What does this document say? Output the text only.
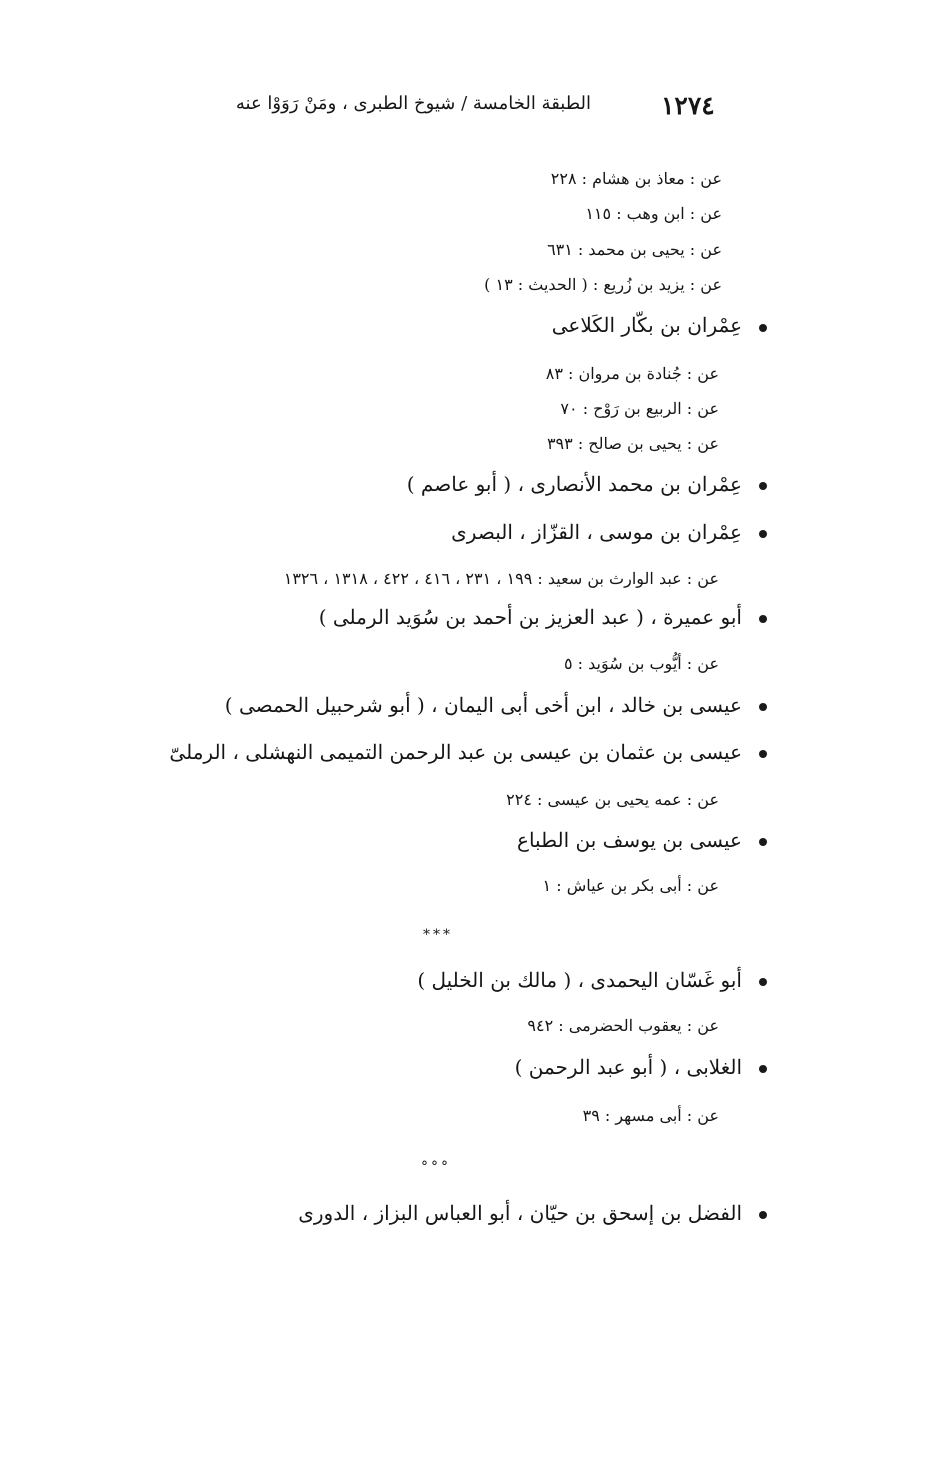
١٢٧٤
الطبقة الخامسة / شيوخ الطبرى ، ومَنْ رَوَوْا عنه
عن : معاذ بن هشام : ٢٢٨
عن : ابن وهب : ١١٥
عن : يحيى بن محمد : ٦٣١
عن : يزيد بن زُريع : ( الحديث : ١٣ )
عِمْران بن بكّار الكَلاعى
عن : جُنادة بن مروان : ٨٣
عن : الربيع بن رَوْح : ٧٠
عن : يحيى بن صالح : ٣٩٣
عِمْران بن محمد الأنصارى ، ( أبو عاصم )
عِمْران بن موسى ، القزّاز ، البصرى
عن : عبد الوارث بن سعيد : ١٩٩ ، ٢٣١ ، ٤١٦ ، ٤٢٢ ، ١٣١٨ ، ١٣٢٦
أبو عميرة ، ( عبد العزيز بن أحمد بن سُوَيد الرملى )
عن : أيُّوب بن سُوَيد : ٥
عيسى بن خالد ، ابن أخى أبى اليمان ، ( أبو شرحبيل الحمصى )
عيسى بن عثمان بن عيسى بن عبد الرحمن التميمى النهشلى ، الرملىّ
عن : عمه يحيى بن عيسى : ٢٢٤
عيسى بن يوسف بن الطباع
عن : أبى بكر بن عياش : ١
***
أبو غَسّان اليحمدى ، ( مالك بن الخليل )
عن : يعقوب الحضرمى : ٩٤٢
الغلابى ، ( أبو عبد الرحمن )
عن : أبى مسهر : ٣٩
°°°
الفضل بن إسحق بن حيّان ، أبو العباس البزاز ، الدورى
